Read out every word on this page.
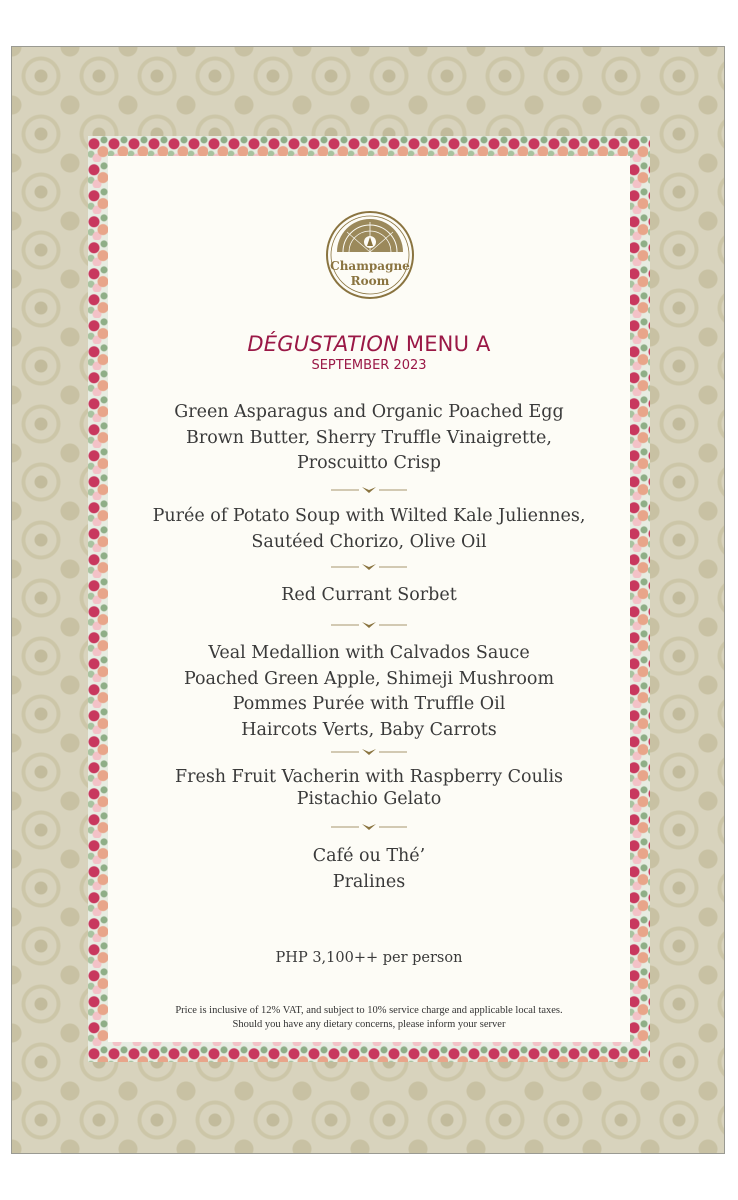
Champagne
Room
DÉGUSTATION MENU A
SEPTEMBER 2023
Green Asparagus and Organic Poached Egg
Brown Butter, Sherry Truffle Vinaigrette,
Proscuitto Crisp
Purée of Potato Soup with Wilted Kale Juliennes,
Sautéed Chorizo, Olive Oil
Red Currant Sorbet
Veal Medallion with Calvados Sauce
Poached Green Apple, Shimeji Mushroom
Pommes Purée with Truffle Oil
Haircots Verts, Baby Carrots
Fresh Fruit Vacherin with Raspberry Coulis
Pistachio Gelato
Café ou Thé’
Pralines
PHP 3,100++ per person
Price is inclusive of 12% VAT, and subject to 10% service charge and applicable local taxes.
Should you have any dietary concerns, please inform your server
